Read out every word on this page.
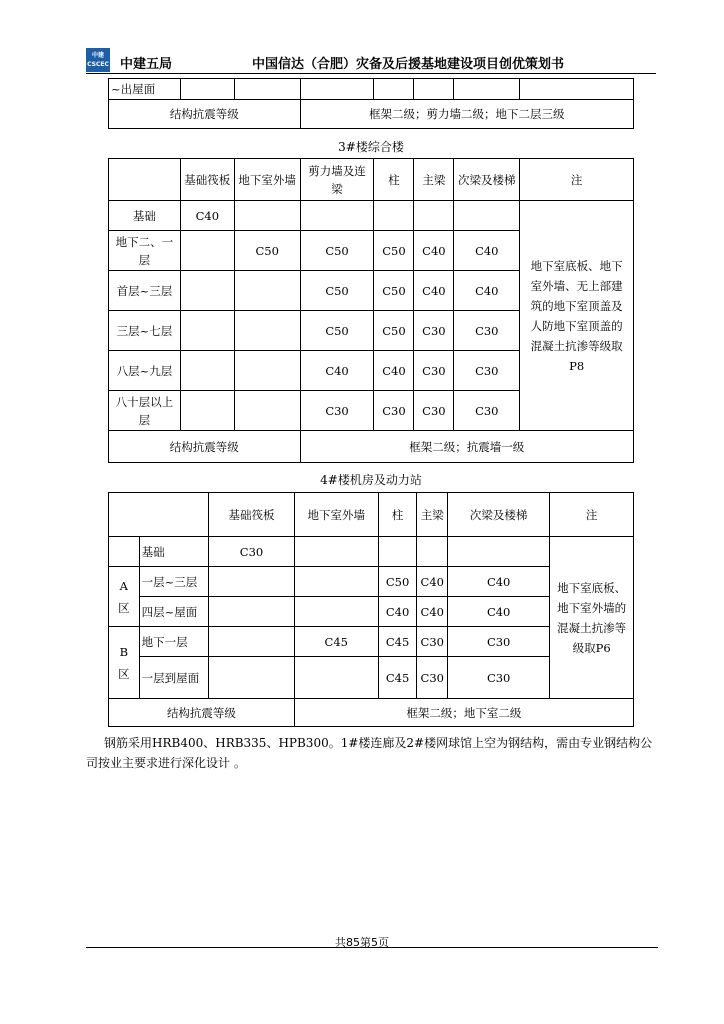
中建
CSCEC 中建五局	中国信达（合肥）灾备及后援基地建设项目创优策划书
~出屋面							
结构抗震等级			框架二级；剪力墙二级；地下二层三级				
3#楼综合楼
	基础筏板	地下室外墙	剪力墙及连梁	柱	主梁	次梁及楼梯	注
基础	C40						地下室底板、地下室外墙、无上部建筑的地下室顶盖及人防地下室顶盖的混凝土抗渗等级取P8
地下二、一层		C50	C50	C50	C40	C40	
首层~三层			C50	C50	C40	C40	
三层~七层			C50	C50	C30	C30	
八层~九层			C40	C40	C30	C30	
八十层以上层			C30	C30	C30	C30	
结构抗震等级			框架二级；抗震墙一级				
4#楼机房及动力站
		基础筏板	地下室外墙	柱	主梁	次梁及楼梯	注
	基础	C30					地下室底板、地下室外墙的混凝土抗渗等级取P6
A区	一层~三层			C50	C40	C40	
	四层~屋面			C40	C40	C40	
B区	地下一层		C45	C45	C30	C30	
	一层到屋面			C45	C30	C30	
结构抗震等级			框架二级；地下室二级				
钢筋采用HRB400、HRB335、HPB300。1#楼连廊及2#楼网球馆上空为钢结构，需由专业钢结构公司按业主要求进行深化设计 。
共85第5页
